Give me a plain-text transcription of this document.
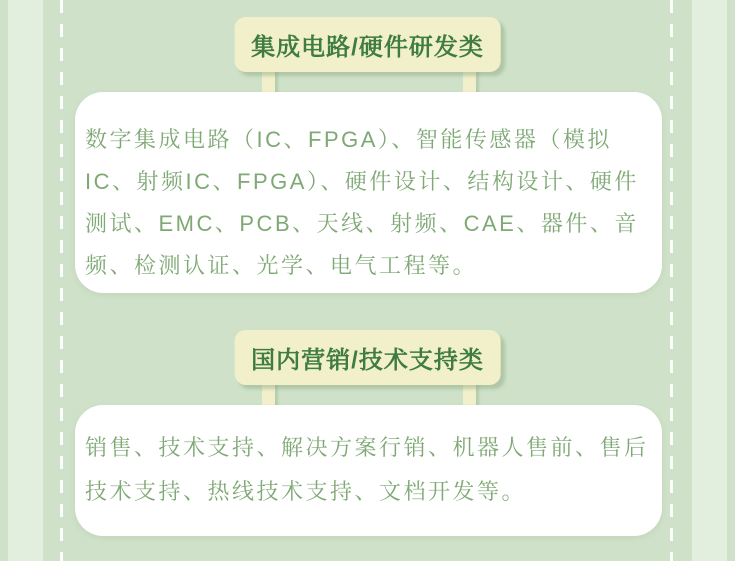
集成电路/硬件研发类
数字集成电路（IC、FPGA）、智能传感器（模拟
IC、射频IC、FPGA）、硬件设计、结构设计、硬件
测试、EMC、PCB、天线、射频、CAE、器件、音
频、检测认证、光学、电气工程等。
国内营销/技术支持类
销售、技术支持、解决方案行销、机器人售前、售后
技术支持、热线技术支持、文档开发等。
